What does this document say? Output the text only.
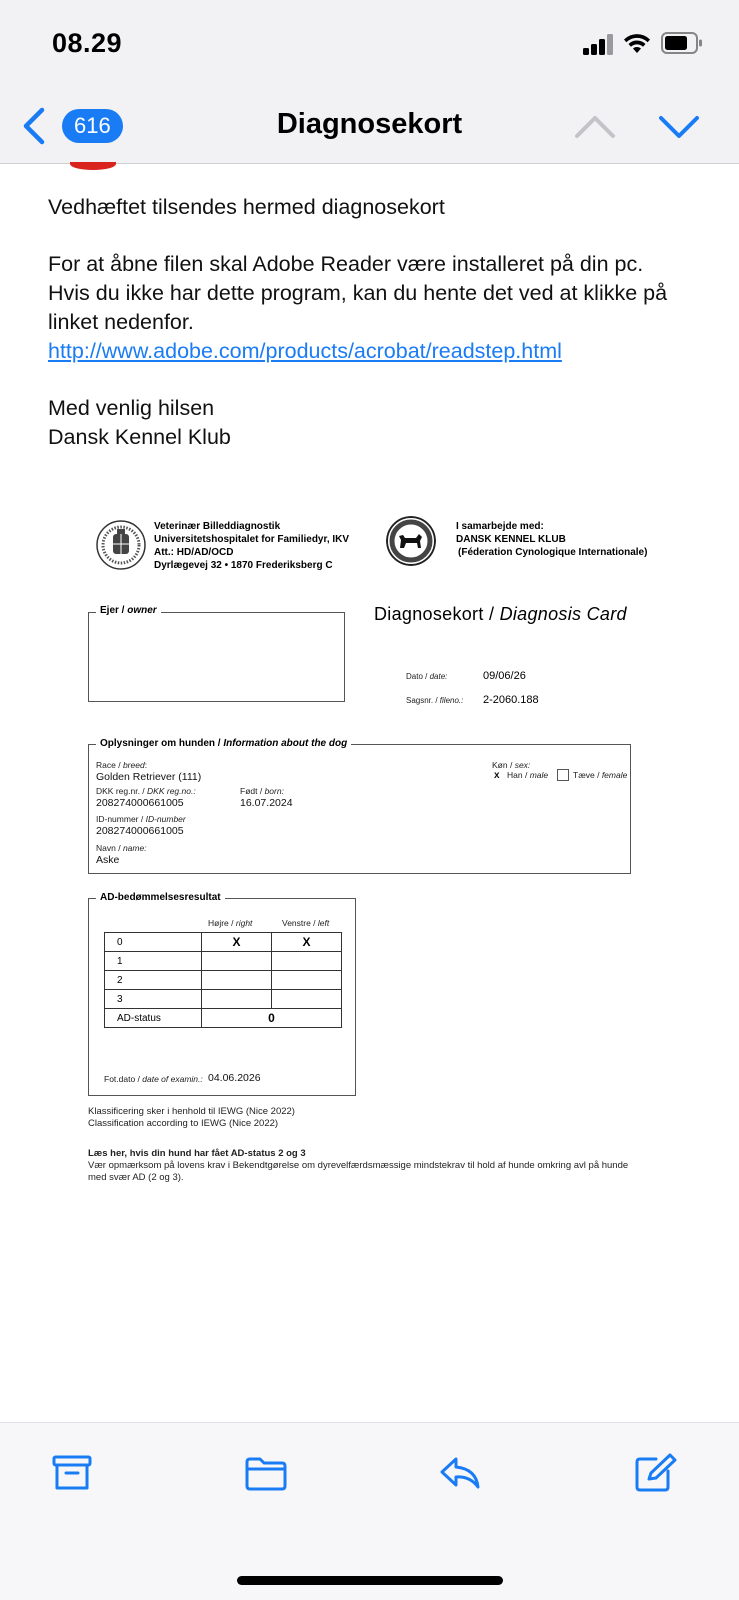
08.29
616	Diagnosekort

Vedhæftet tilsendes hermed diagnosekort

For at åbne filen skal Adobe Reader være installeret på din pc.
Hvis du ikke har dette program, kan du hente det ved at klikke på linket nedenfor.
http://www.adobe.com/products/acrobat/readstep.html

Med venlig hilsen
Dansk Kennel Klub

Veterinær Billeddiagnostik
Universitetshospitalet for Familiedyr, IKV
Att.: HD/AD/OCD
Dyrlægevej 32 • 1870 Frederiksberg C
I samarbejde med:
DANSK KENNEL KLUB
(Féderation Cynologique Internationale)
Diagnosekort / Diagnosis Card
Ejer / owner
Dato / date:	09/06/26
Sagsnr. / fileno.: 2-2060.188
Oplysninger om hunden / Information about the dog
Race / breed:
Golden Retriever (111)
DKK reg.nr. / DKK reg.no.:
208274000661005
Født / born:
16.07.2024
ID-nummer / ID-number
208274000661005
Navn / name:
Aske
Køn / sex:
x Han / male	Tæve / female
AD-bedømmelsesresultat
Højre / right	Venstre / left
0	X	X
1		
2		
3		
AD-status	0	
Fot.dato / date of examin.: 04.06.2026
Klassificering sker i henhold til IEWG (Nice 2022)
Classification according to IEWG (Nice 2022)
Læs her, hvis din hund har fået AD-status 2 og 3
Vær opmærksom på lovens krav i Bekendtgørelse om dyrevelfærdsmæssige mindstekrav til hold af hunde omkring avl på hunde med svær AD (2 og 3).
